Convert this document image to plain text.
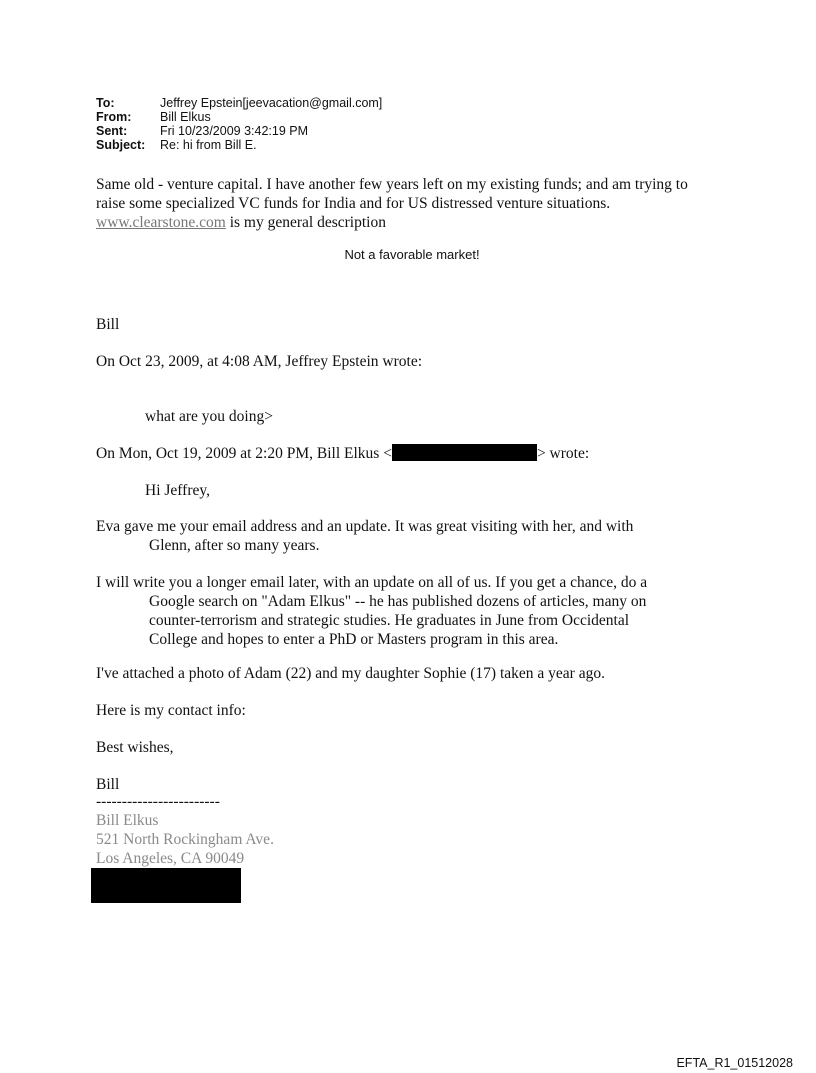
To:	Jeffrey Epstein[jeevacation@gmail.com]
From:	Bill Elkus
Sent:	Fri 10/23/2009 3:42:19 PM
Subject:	Re: hi from Bill E.
Same old - venture capital. I have another few years left on my existing funds; and am trying to
raise some specialized VC funds for India and for US distressed venture situations.
www.clearstone.com is my general description
Not a favorable market!
Bill
On Oct 23, 2009, at 4:08 AM, Jeffrey Epstein wrote:
what are you doing>
On Mon, Oct 19, 2009 at 2:20 PM, Bill Elkus <	> wrote:
Hi Jeffrey,
Eva gave me your email address and an update. It was great visiting with her, and with
Glenn, after so many years.
I will write you a longer email later, with an update on all of us. If you get a chance, do a
Google search on "Adam Elkus" -- he has published dozens of articles, many on
counter-terrorism and strategic studies. He graduates in June from Occidental
College and hopes to enter a PhD or Masters program in this area.
I've attached a photo of Adam (22) and my daughter Sophie (17) taken a year ago.
Here is my contact info:
Best wishes,
Bill
------------------------
Bill Elkus
521 North Rockingham Ave.
Los Angeles, CA 90049
EFTA_R1_01512028
